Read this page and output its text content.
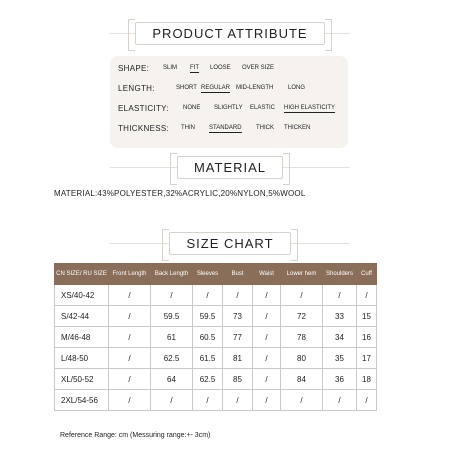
PRODUCT ATTRIBUTE
SHAPE: SLIM FIT LOOSE OVER SIZE
LENGTH:	SHORT REGULAR MID-LENGTH LONG
ELASTICITY: NONE SLIGHTLY ELASTIC HIGH ELASTICITY
THICKNESS: THIN STANDARD THICK THICKEN
MATERIAL
MATERIAL:43%POLYESTER,32%ACRYLIC,20%NYLON,5%WOOL
SIZE CHART
CN SIZE/ RU SIZE	Front Length	Back Length	Sleeves	Bust	Waist	Lower hem	Shoulders	Cuff
XS/40-42	/	/	/	/	/	/	/	/
S/42-44	/	59.5	59.5	73	/	72	33	15
M/46-48	/	61	60.5	77	/	78	34	16
L/48-50	/	62.5	61.5	81	/	80	35	17
XL/50-52	/	64	62.5	85	/	84	36	18
2XL/54-56	/	/	/	/	/	/	/	/
Reference Range: cm (Messuring range:+- 3cm)
